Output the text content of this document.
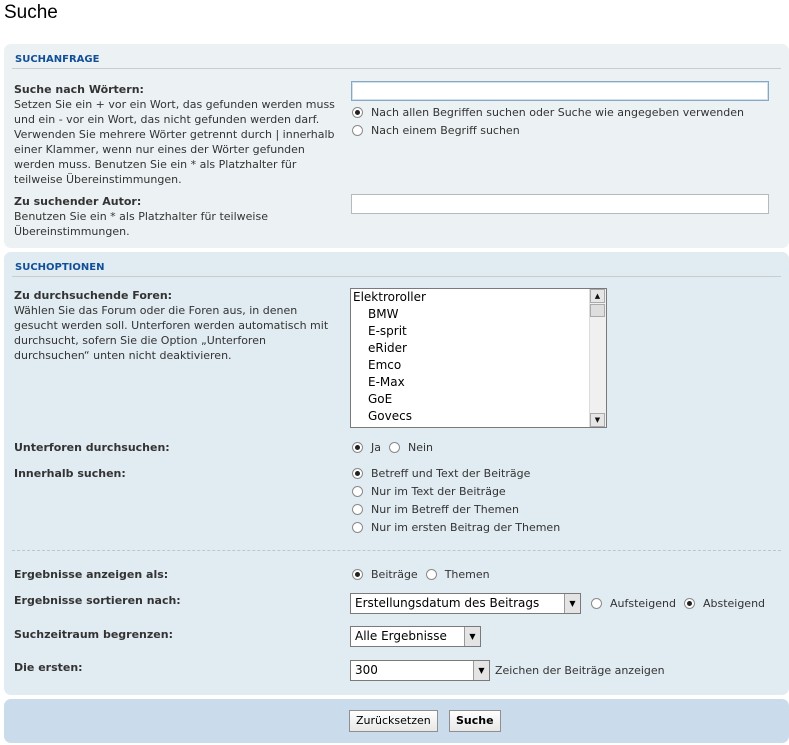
Suche
SUCHANFRAGE
Suche nach Wörtern:
Setzen Sie ein + vor ein Wort, das gefunden werden muss und ein - vor ein Wort, das nicht gefunden werden darf. Verwenden Sie mehrere Wörter getrennt durch | innerhalb einer Klammer, wenn nur eines der Wörter gefunden werden muss. Benutzen Sie ein * als Platzhalter für teilweise Übereinstimmungen.
Nach allen Begriffen suchen oder Suche wie angegeben verwenden
Nach einem Begriff suchen
Zu suchender Autor:
Benutzen Sie ein * als Platzhalter für teilweise Übereinstimmungen.
SUCHOPTIONEN
Zu durchsuchende Foren:
Wählen Sie das Forum oder die Foren aus, in denen gesucht werden soll. Unterforen werden automatisch mit durchsucht, sofern Sie die Option „Unterforen durchsuchen“ unten nicht deaktivieren.
Elektroroller
BMW
E-sprit
eRider
Emco
E-Max
GoE
Govecs
▲
▼
Unterforen durchsuchen:	Ja Nein
Innerhalb suchen:	Betreff und Text der Beiträge
Nur im Text der Beiträge
Nur im Betreff der Themen
Nur im ersten Beitrag der Themen
Ergebnisse anzeigen als:	Beiträge Themen
Ergebnisse sortieren nach:	Erstellungsdatum des Beitrags	▼	Aufsteigend Absteigend
Suchzeitraum begrenzen:	Alle Ergebnisse	▼
Die ersten:	300	▼ Zeichen der Beiträge anzeigen
Zurücksetzen	Suche
